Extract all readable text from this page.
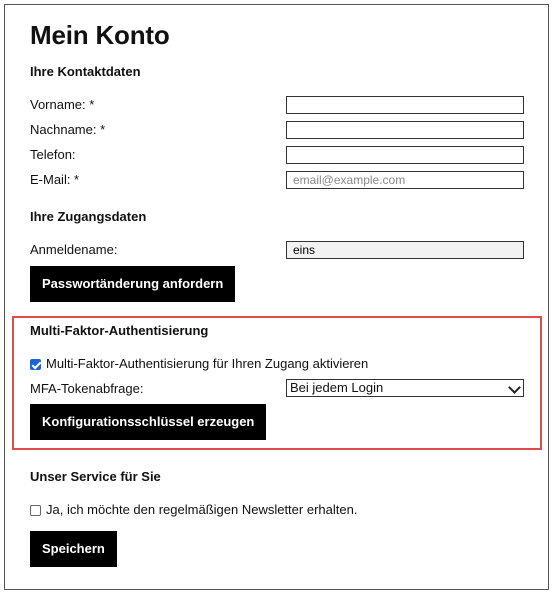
Mein Konto
Ihre Kontaktdaten
Vorname: *
Nachname: *
Telefon:
E-Mail: *
email@example.com
Ihre Zugangsdaten
Anmeldename:
eins
Passwortänderung anfordern
Multi-Faktor-Authentisierung
Multi-Faktor-Authentisierung für Ihren Zugang aktivieren
MFA-Tokenabfrage:	Bei jedem Login
Konfigurationsschlüssel erzeugen
Unser Service für Sie
Ja, ich möchte den regelmäßigen Newsletter erhalten.
Speichern
